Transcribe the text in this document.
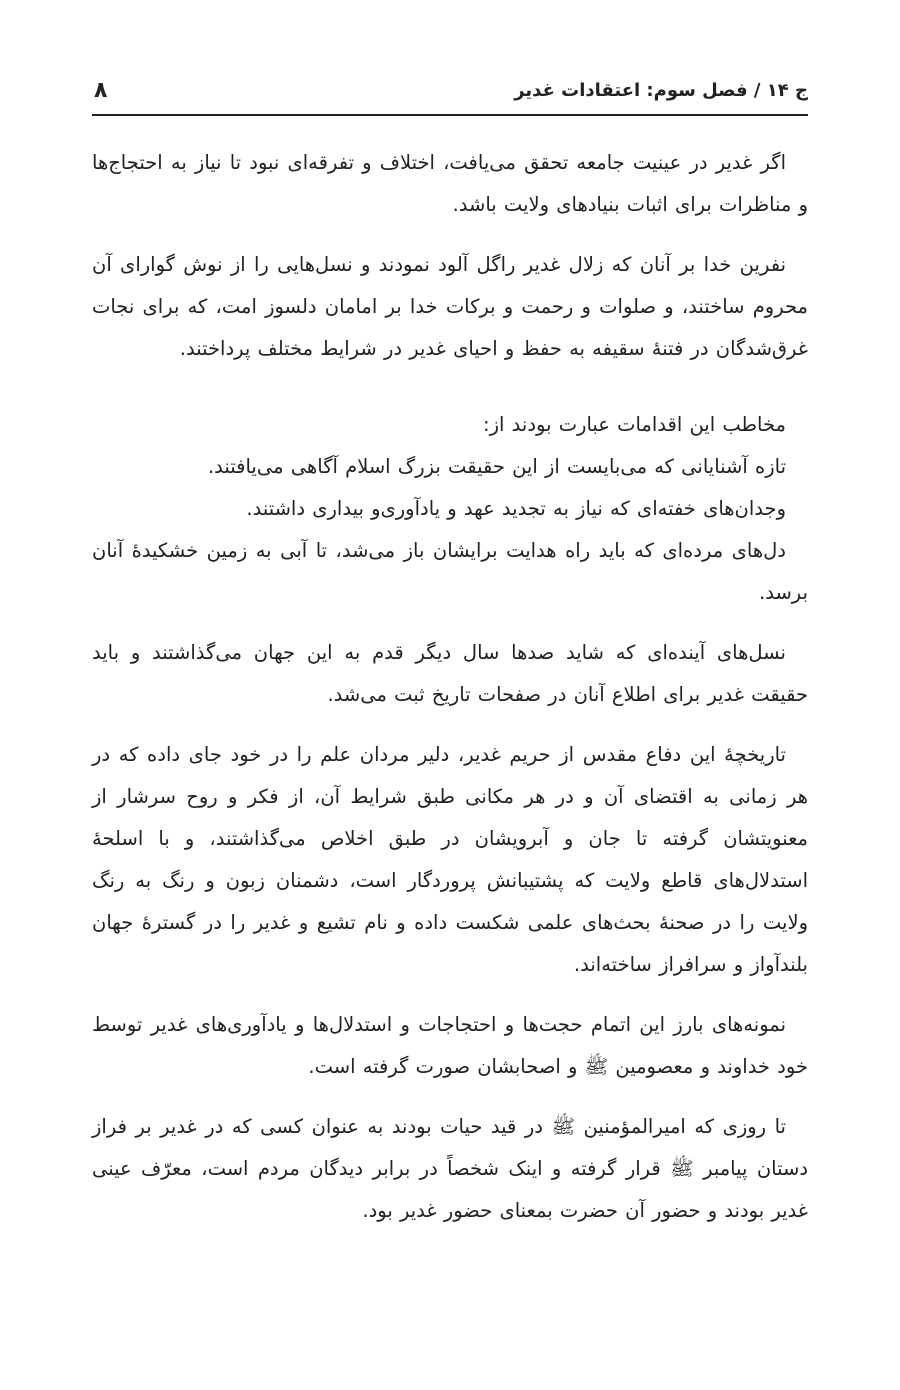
ج ۱۴ / فصل سوم: اعتقادات غدیر
۸

اگر غدیر در عینیت جامعه تحقق می‌یافت، اختلاف و تفرقه‌ای نبود تا نیاز به احتجاج‌ها و مناظرات برای اثبات بنیادهای ولایت باشد.

نفرین خدا بر آنان که زلال غدیر راگل آلود نمودند و نسل‌هایی را از نوش گوارای آن محروم ساختند، و صلوات و رحمت و برکات خدا بر امامان دلسوز امت، که برای نجات غرق‌شدگان در فتنهٔ سقیفه به حفظ و احیای غدیر در شرایط مختلف پرداختند.

مخاطب این اقدامات عبارت بودند از:

تازه آشنایانی که می‌بایست از این حقیقت بزرگ اسلام آگاهی می‌یافتند.

وجدان‌های خفته‌ای که نیاز به تجدید عهد و یادآوری‌و بیداری داشتند.

دل‌های مرده‌ای که باید راه هدایت برایشان باز می‌شد، تا آبی به زمین خشکیدهٔ آنان برسد.

نسل‌های آینده‌ای که شاید صدها سال دیگر قدم به این جهان می‌گذاشتند و باید حقیقت غدیر برای اطلاع آنان در صفحات تاریخ ثبت می‌شد.

تاریخچهٔ این دفاع مقدس از حریم غدیر، دلیر مردان علم را در خود جای داده که در هر زمانی به اقتضای آن و در هر مکانی طبق شرایط آن، از فکر و روح سرشار از معنویتشان گرفته تا جان و آبرویشان در طبق اخلاص می‌گذاشتند، و با اسلحهٔ استدلال‌های قاطع ولایت که پشتیبانش پروردگار است، دشمنان زبون و رنگ به رنگ ولایت را در صحنهٔ بحث‌های علمی شکست داده و نام تشیع و غدیر را در گسترهٔ جهان بلندآواز و سرافراز ساخته‌اند.

نمونه‌های بارز این اتمام حجت‌ها و احتجاجات و استدلال‌ها و یادآوری‌های غدیر توسط خود خداوند و معصومین ﷺ و اصحابشان صورت گرفته است.

تا روزی که امیرالمؤمنین ﷺ در قید حیات بودند به عنوان کسی که در غدیر بر فراز دستان پیامبر ﷺ قرار گرفته و اینک شخصاً در برابر دیدگان مردم است، معرّف عینی غدیر بودند و حضور آن حضرت بمعنای حضور غدیر بود.
